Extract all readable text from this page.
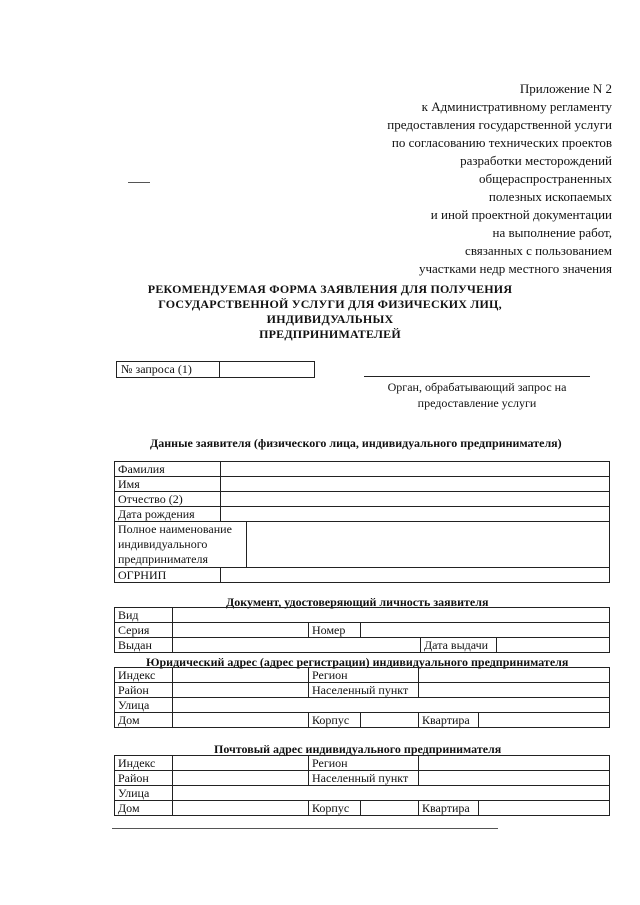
Приложение N 2
к Административному регламенту
предоставления государственной услуги
по согласованию технических проектов
разработки месторождений
общераспространенных
полезных ископаемых
и иной проектной документации
на выполнение работ,
связанных с пользованием
участками недр местного значения
РЕКОМЕНДУЕМАЯ ФОРМА ЗАЯВЛЕНИЯ ДЛЯ ПОЛУЧЕНИЯ
ГОСУДАРСТВЕННОЙ УСЛУГИ ДЛЯ ФИЗИЧЕСКИХ ЛИЦ, ИНДИВИДУАЛЬНЫХ
ПРЕДПРИНИМАТЕЛЕЙ
№ запроса (1)	
Орган, обрабатывающий запрос на
предоставление услуги
Данные заявителя (физического лица, индивидуального предпринимателя)
Фамилия		
Имя		
Отчество (2)		
Дата рождения		

Полное наименование
индивидуального
предпринимателя		

ОГРНИП		
Документ, удостоверяющий личность заявителя
Вид					
Серия		Номер			
Выдан				Дата выдачи	
Юридический адрес (адрес регистрации) индивидуального предпринимателя
Индекс		Регион			
Район		Населенный пункт			
Улица					
Дом		Корпус		Квартира	
Почтовый адрес индивидуального предпринимателя
Индекс		Регион			
Район		Населенный пункт			
Улица					
Дом		Корпус		Квартира	
